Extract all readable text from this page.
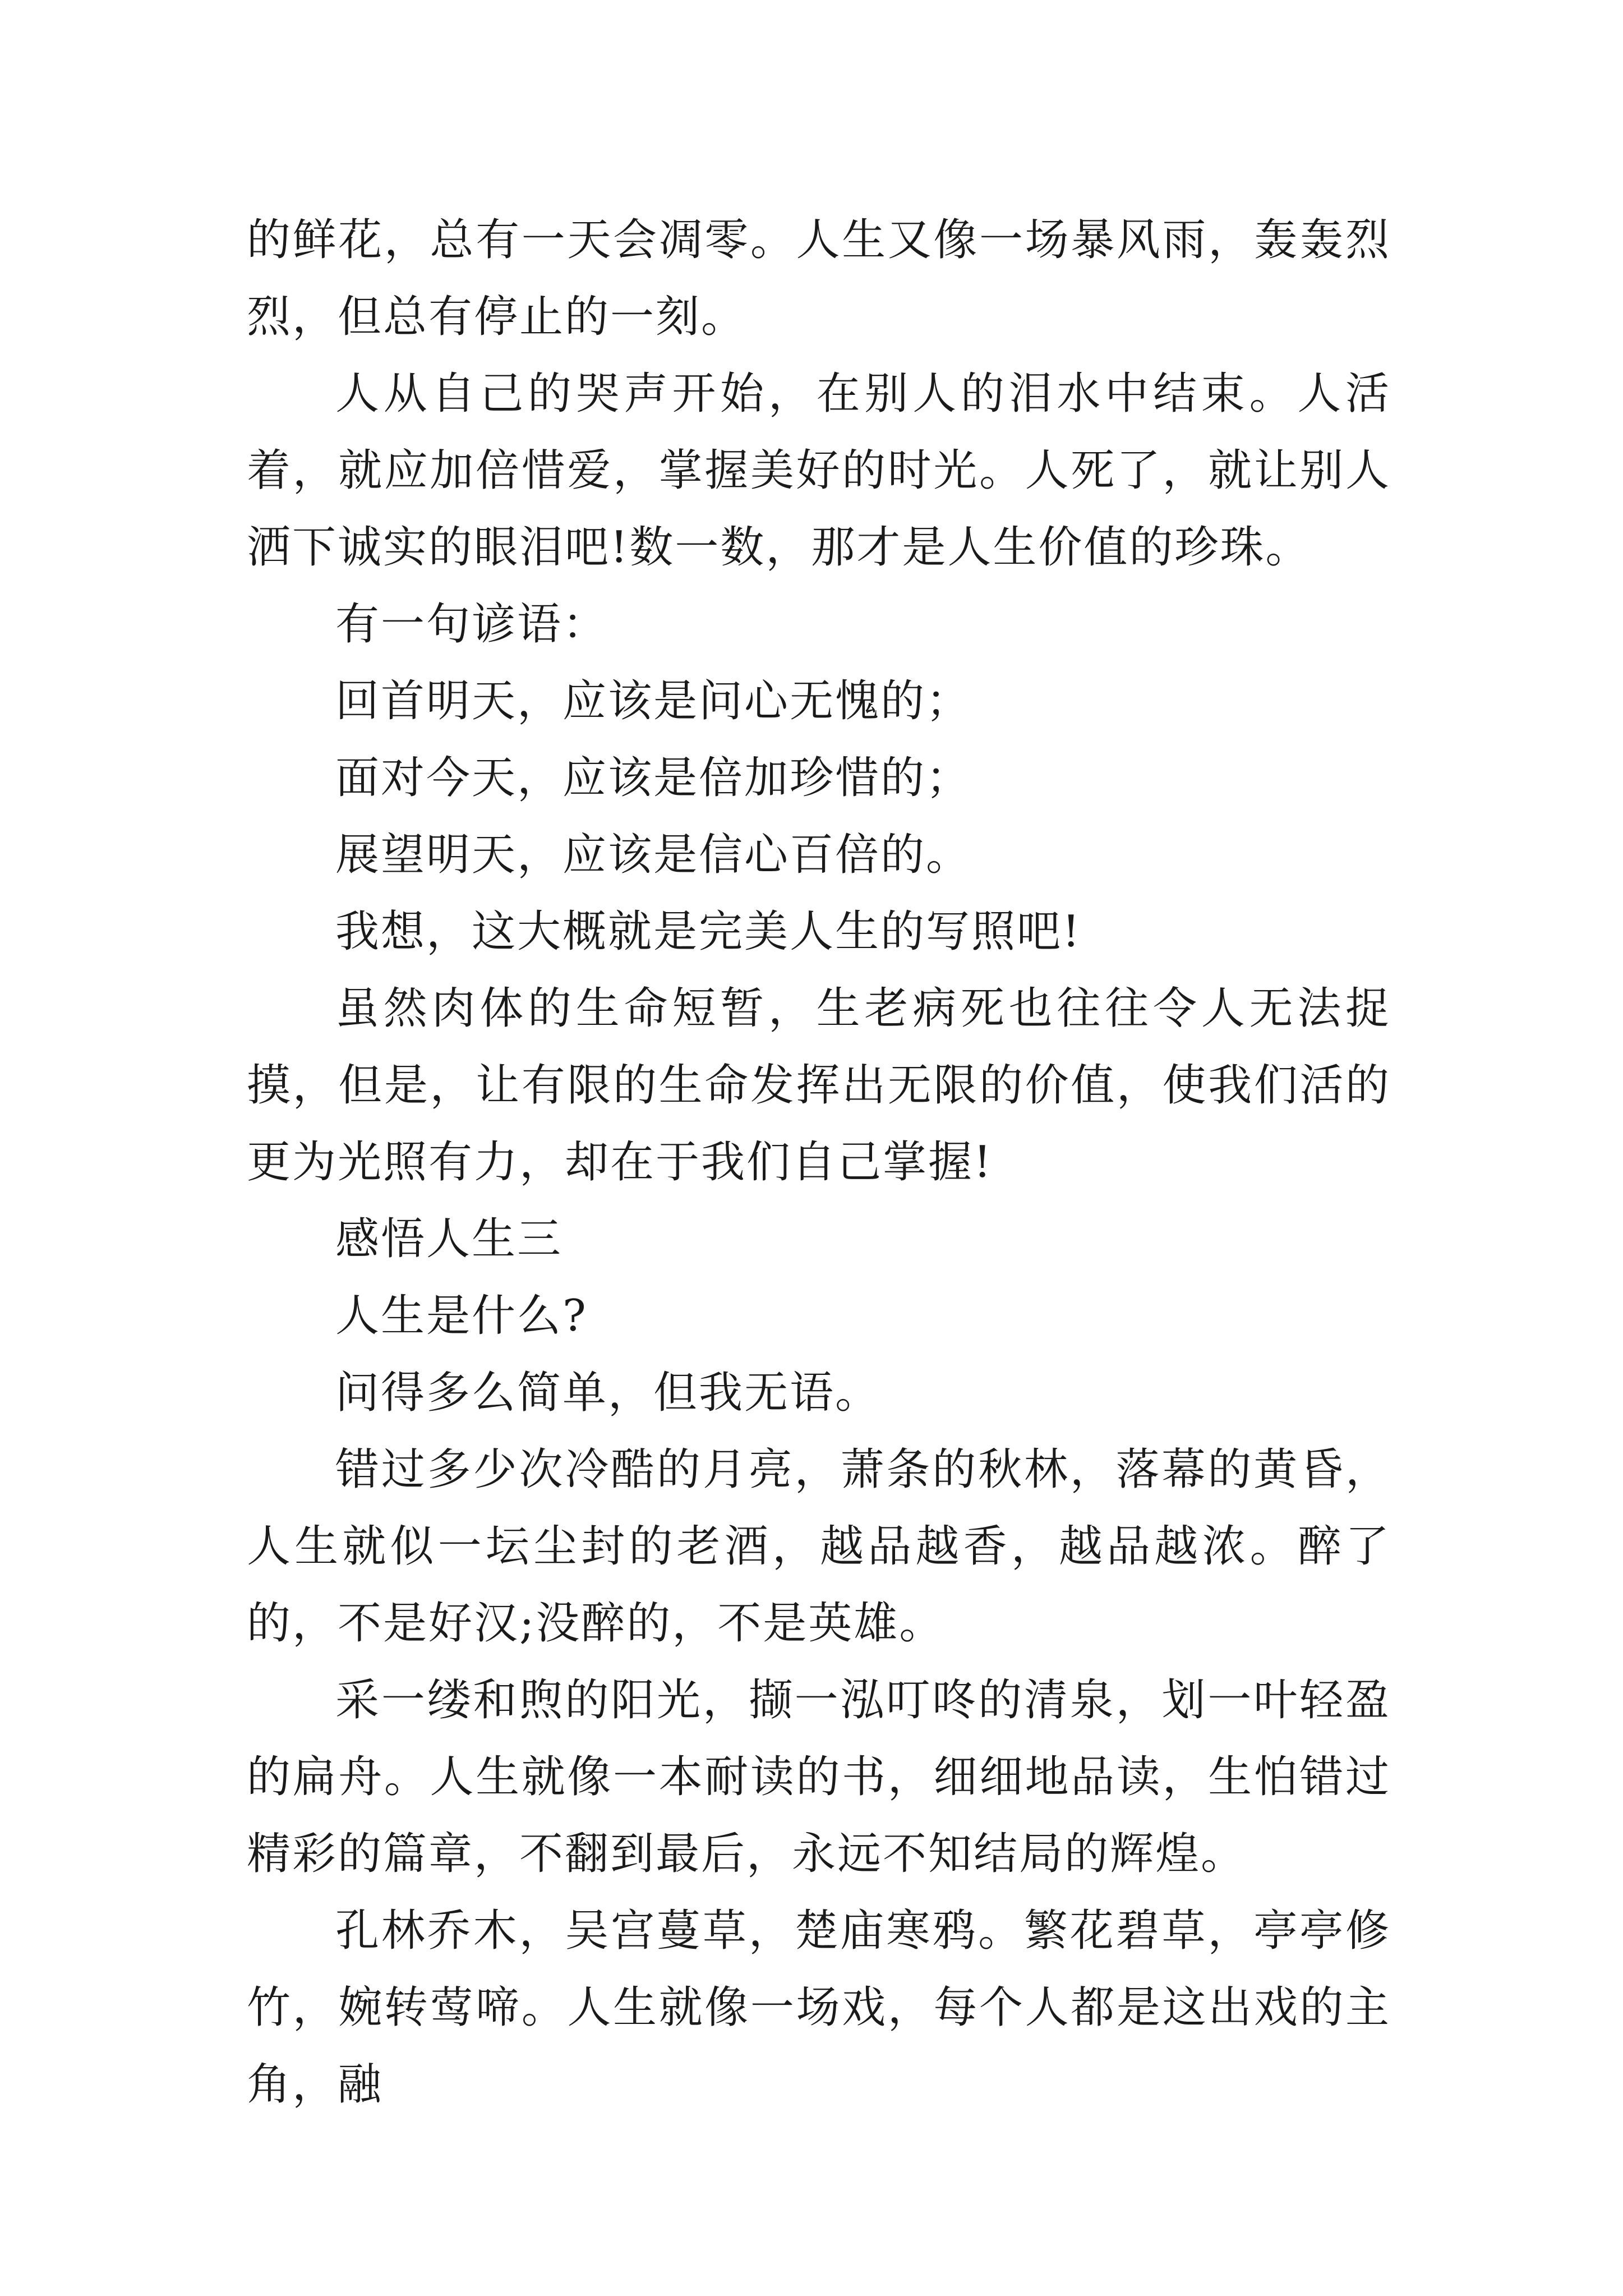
的鲜花，总有一天会凋零。人生又像一场暴风雨，轰轰烈烈，但总有停止的一刻。

人从自己的哭声开始，在别人的泪水中结束。人活着，就应加倍惜爱，掌握美好的时光。人死了，就让别人洒下诚实的眼泪吧!数一数，那才是人生价值的珍珠。

有一句谚语：

回首明天，应该是问心无愧的；

面对今天，应该是倍加珍惜的；

展望明天，应该是信心百倍的。

我想，这大概就是完美人生的写照吧!

虽然肉体的生命短暂，生老病死也往往令人无法捉摸，但是，让有限的生命发挥出无限的价值，使我们活的更为光照有力，却在于我们自己掌握!

感悟人生三

人生是什么?

问得多么简单，但我无语。

错过多少次冷酷的月亮，萧条的秋林，落幕的黄昏，人生就似一坛尘封的老酒，越品越香，越品越浓。醉了的，不是好汉;没醉的，不是英雄。

采一缕和煦的阳光，撷一泓叮咚的清泉，划一叶轻盈的扁舟。人生就像一本耐读的书，细细地品读，生怕错过精彩的篇章，不翻到最后，永远不知结局的辉煌。

孔林乔木，吴宫蔓草，楚庙寒鸦。繁花碧草，亭亭修竹，婉转莺啼。人生就像一场戏，每个人都是这出戏的主角，融
